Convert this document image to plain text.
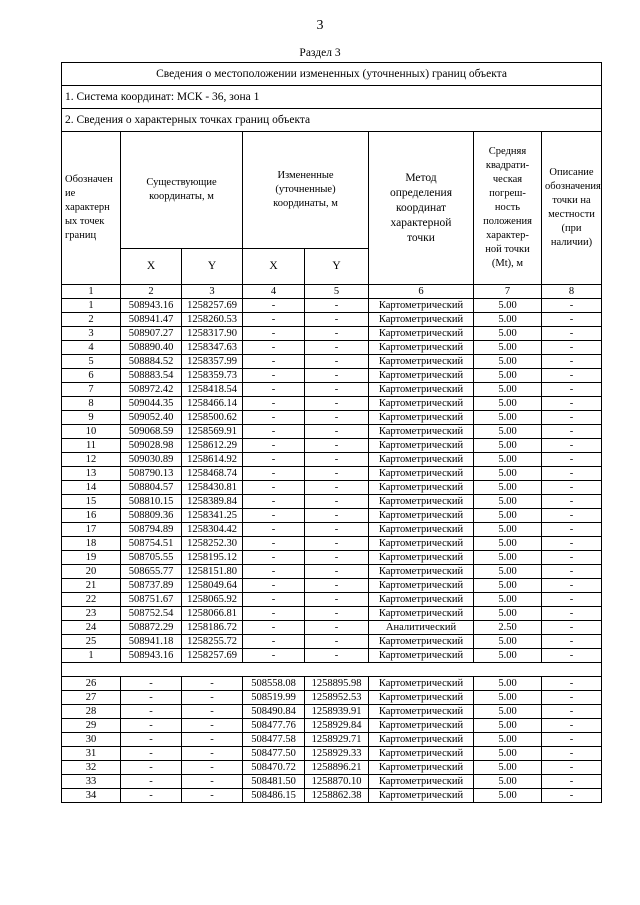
3
Раздел 3
Сведения о местоположении измененных (уточненных) границ объекта							
1. Система координат: МСК - 36, зона 1							
2. Сведения о характерных точках границ объекта							
Обозначен ие характерн ых точек границ	Существующие координаты, м		Измененные (уточненные) координаты, м		Метод определения координат характерной точки	Средняя квадрати- ческая погреш- ность положения характер- ной точки (Mt), м	Описание обозначения точки на местности (при наличии)
	X	Y	X	Y			
1	2	3	4	5	6	7	8
1	508943.16	1258257.69	-	-	Картометрический	5.00	-
2	508941.47	1258260.53	-	-	Картометрический	5.00	-
3	508907.27	1258317.90	-	-	Картометрический	5.00	-
4	508890.40	1258347.63	-	-	Картометрический	5.00	-
5	508884.52	1258357.99	-	-	Картометрический	5.00	-
6	508883.54	1258359.73	-	-	Картометрический	5.00	-
7	508972.42	1258418.54	-	-	Картометрический	5.00	-
8	509044.35	1258466.14	-	-	Картометрический	5.00	-
9	509052.40	1258500.62	-	-	Картометрический	5.00	-
10	509068.59	1258569.91	-	-	Картометрический	5.00	-
11	509028.98	1258612.29	-	-	Картометрический	5.00	-
12	509030.89	1258614.92	-	-	Картометрический	5.00	-
13	508790.13	1258468.74	-	-	Картометрический	5.00	-
14	508804.57	1258430.81	-	-	Картометрический	5.00	-
15	508810.15	1258389.84	-	-	Картометрический	5.00	-
16	508809.36	1258341.25	-	-	Картометрический	5.00	-
17	508794.89	1258304.42	-	-	Картометрический	5.00	-
18	508754.51	1258252.30	-	-	Картометрический	5.00	-
19	508705.55	1258195.12	-	-	Картометрический	5.00	-
20	508655.77	1258151.80	-	-	Картометрический	5.00	-
21	508737.89	1258049.64	-	-	Картометрический	5.00	-
22	508751.67	1258065.92	-	-	Картометрический	5.00	-
23	508752.54	1258066.81	-	-	Картометрический	5.00	-
24	508872.29	1258186.72	-	-	Аналитический	2.50	-
25	508941.18	1258255.72	-	-	Картометрический	5.00	-
1	508943.16	1258257.69	-	-	Картометрический	5.00	-

26	-	-	508558.08	1258895.98	Картометрический	5.00	-
27	-	-	508519.99	1258952.53	Картометрический	5.00	-
28	-	-	508490.84	1258939.91	Картометрический	5.00	-
29	-	-	508477.76	1258929.84	Картометрический	5.00	-
30	-	-	508477.58	1258929.71	Картометрический	5.00	-
31	-	-	508477.50	1258929.33	Картометрический	5.00	-
32	-	-	508470.72	1258896.21	Картометрический	5.00	-
33	-	-	508481.50	1258870.10	Картометрический	5.00	-
34	-	-	508486.15	1258862.38	Картометрический	5.00	-
